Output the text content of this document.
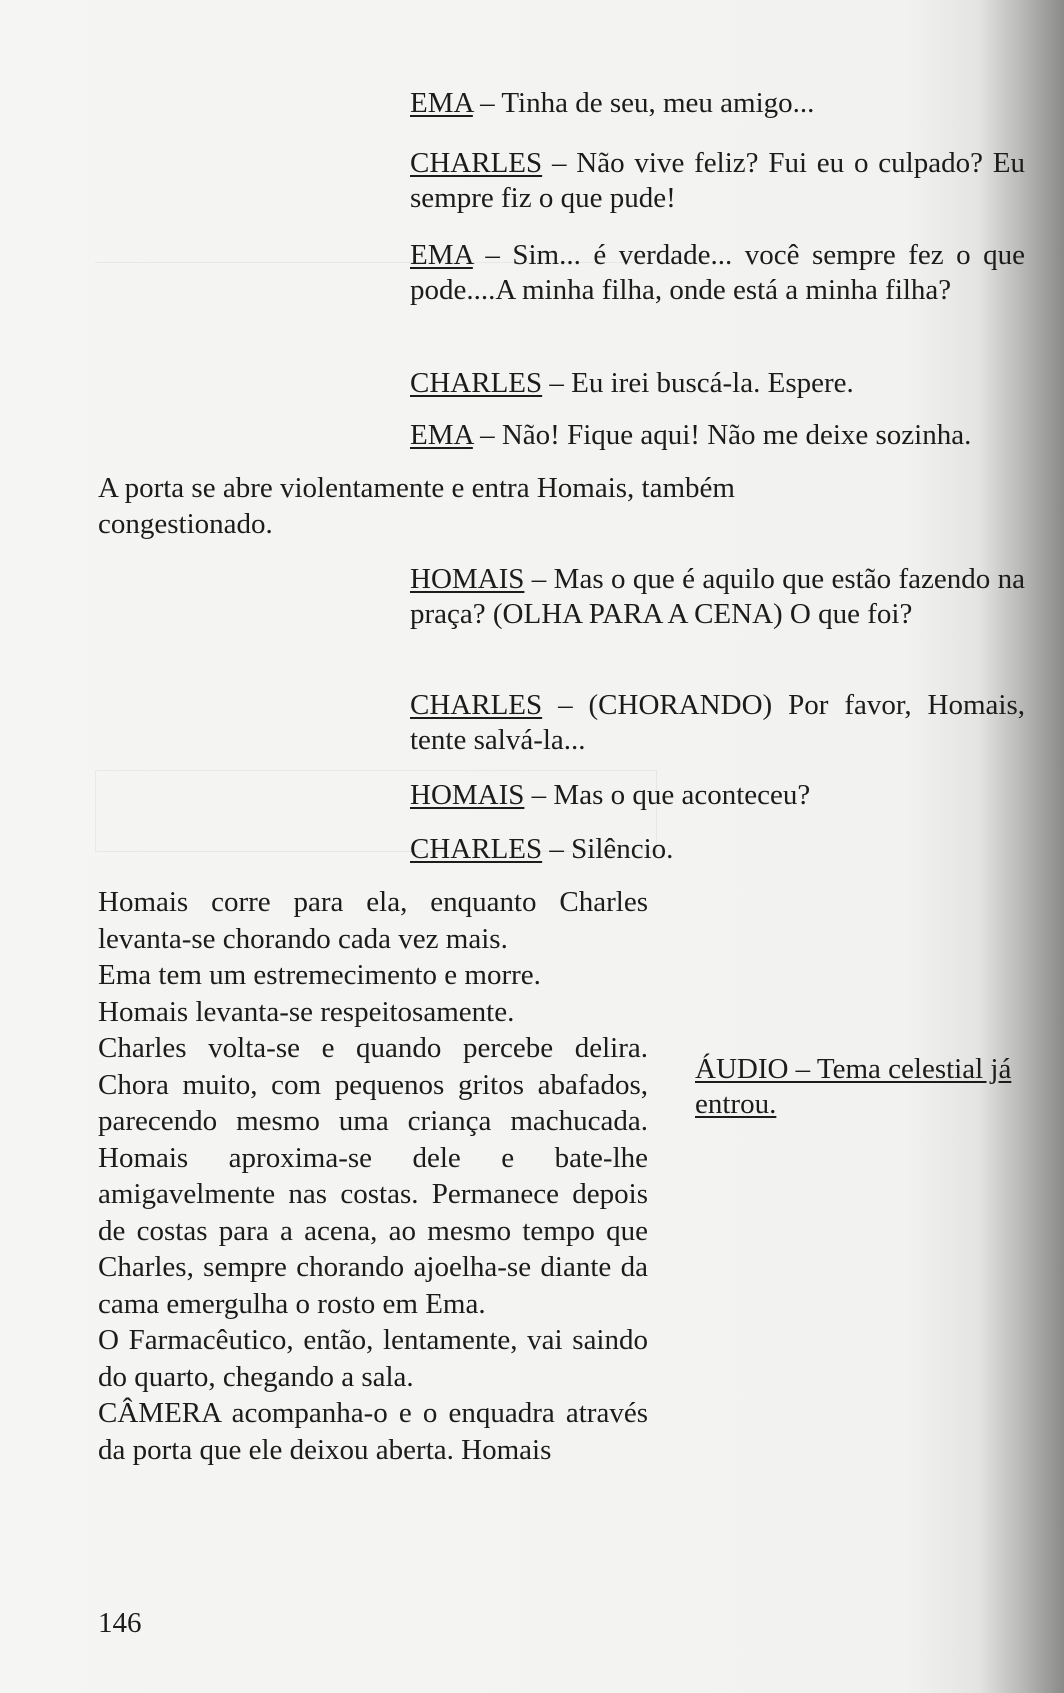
EMA – Tinha de seu, meu amigo...
CHARLES – Não vive feliz? Fui eu o culpado? Eu sempre fiz o que pude!
EMA – Sim... é verdade... você sempre fez o que pode....A minha filha, onde está a minha filha?
CHARLES – Eu irei buscá-la. Espere.
EMA – Não! Fique aqui! Não me deixe sozinha.
A porta se abre violentamente e entra Homais, também congestionado.
HOMAIS – Mas o que é aquilo que estão fazendo na praça? (OLHA PARA A CENA) O que foi?
CHARLES – (CHORANDO) Por favor, Homais, tente salvá-la...
HOMAIS – Mas o que aconteceu?
CHARLES – Silêncio.

Homais corre para ela, enquanto Charles levanta-se chorando cada vez mais.

Ema tem um estremecimento e morre.

Homais levanta-se respeitosamente.

Charles volta-se e quando percebe delira. Chora muito, com pequenos gritos abafados, parecendo mesmo uma criança machucada. Homais aproxima-se dele e bate-lhe amigavelmente nas costas. Permanece depois de costas para a acena, ao mesmo tempo que Charles, sempre chorando ajoelha-se diante da cama emergulha o rosto em Ema.

O Farmacêutico, então, lentamente, vai saindo do quarto, chegando a sala.

CÂMERA acompanha-o e o enquadra através da porta que ele deixou aberta. Homais

ÁUDIO – Tema celestial já entrou.
146
